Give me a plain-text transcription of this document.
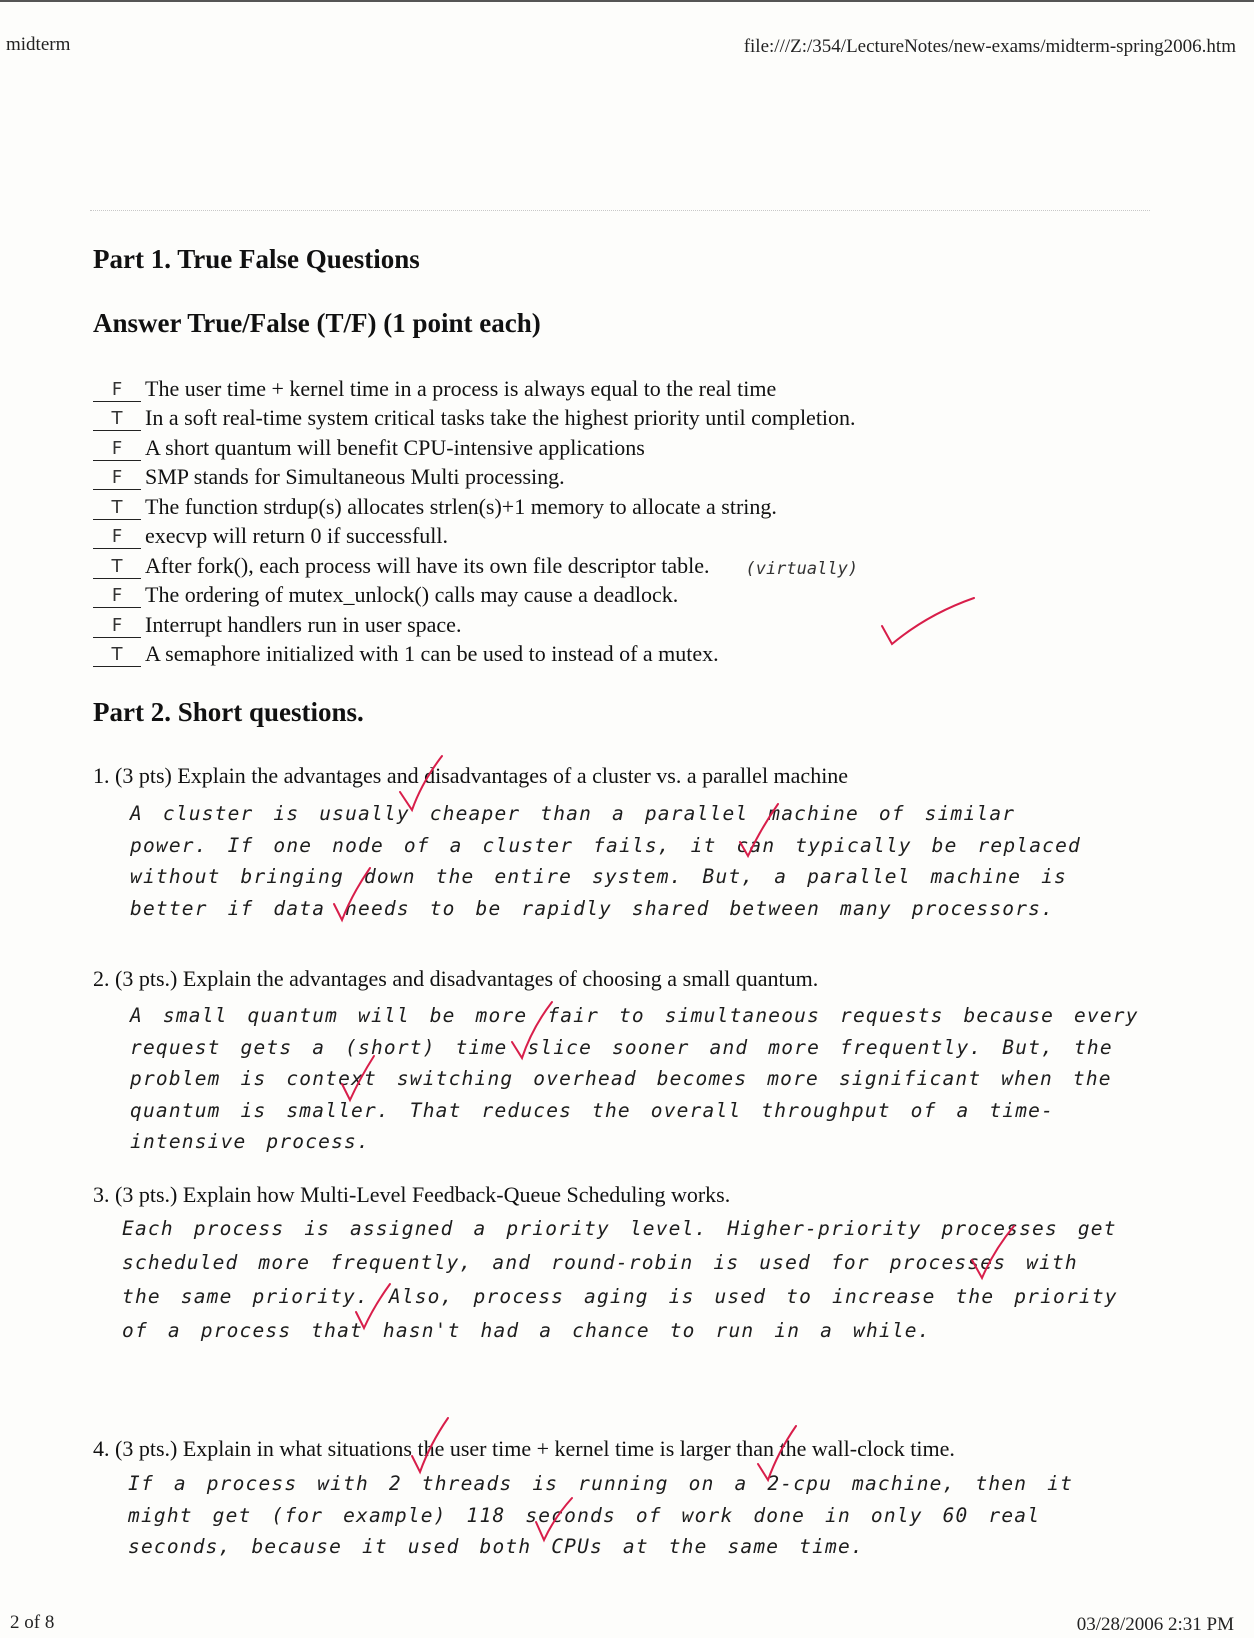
midterm	file:///Z:/354/LectureNotes/new-exams/midterm-spring2006.htm
Part 1. True False Questions
Answer True/False (T/F) (1 point each)
F	The user time + kernel time in a process is always equal to the real time
T	In a soft real-time system critical tasks take the highest priority until completion.
F	A short quantum will benefit CPU-intensive applications
F	SMP stands for Simultaneous Multi processing.
T	The function strdup(s) allocates strlen(s)+1 memory to allocate a string.
F	execvp will return 0 if successfull.
T	After fork(), each process will have its own file descriptor table. (virtually)
F	The ordering of mutex_unlock() calls may cause a deadlock.
F	Interrupt handlers run in user space.
T	A semaphore initialized with 1 can be used to instead of a mutex.
Part 2. Short questions.
1. (3 pts) Explain the advantages and disadvantages of a cluster vs. a parallel machine
A cluster is usually cheaper than a parallel machine of similar power. If one node of a cluster fails, it can typically be replaced without bringing down the entire system. But, a parallel machine is better if data needs to be rapidly shared between many processors.
2. (3 pts.) Explain the advantages and disadvantages of choosing a small quantum.
A small quantum will be more fair to simultaneous requests because every request gets a (short) time slice sooner and more frequently. But, the problem is context switching overhead becomes more significant when the quantum is smaller. That reduces the overall throughput of a time-intensive process.
3. (3 pts.) Explain how Multi-Level Feedback-Queue Scheduling works.
Each process is assigned a priority level. Higher-priority processes get scheduled more frequently, and round-robin is used for processes with the same priority. Also, process aging is used to increase the priority of a process that hasn't had a chance to run in a while.
4. (3 pts.) Explain in what situations the user time + kernel time is larger than the wall-clock time.
If a process with 2 threads is running on a 2-cpu machine, then it might get (for example) 118 seconds of work done in only 60 real seconds, because it used both CPUs at the same time.
2 of 8	03/28/2006 2:31 PM
